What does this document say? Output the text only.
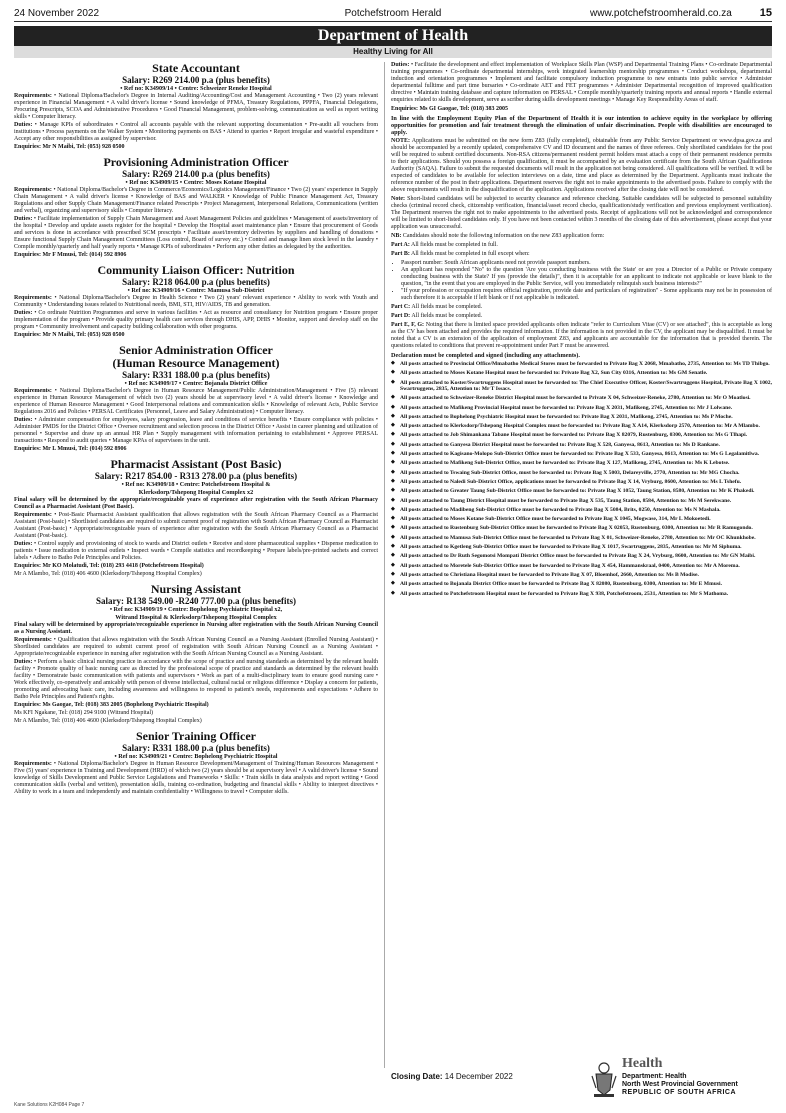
24 November 2022	Potchefstroom Herald	www.potchefstroomherald.co.za	15
Department of Health
Healthy Living for All
State Accountant
Salary: R269 214.00 p.a (plus benefits)
• Ref no: K34909/14 • Centre: Schweizer Reneke Hospital

Requirements: • National Diploma/Bachelor's Degree in Internal Auditing/Accounting/Cost and Management Accounting • Two (2) years relevant experience in Financial Management • A valid driver's license • Sound knowledge of PFMA, Treasury Regulations, PPPFA, Financial Delegations, Procuring Prescripts, SCOA and Administrative Procedures • Good Financial Management, problem-solving, communication as well as report writing skills • Computer literacy.

Duties: • Manage KPIs of subordinates • Control all accounts payable with the relevant supporting documentation • Pre-audit all vouchers from institutions • Process payments on the Walker System • Monitoring payments on BAS • Attend to queries • Report irregular and wasteful expenditure • Accept any other responsibilities as assigned by supervisor.

Enquiries: Mr N Maibi, Tel: (053) 928 0500

Provisioning Administration Officer
Salary: R269 214.00 p.a (plus benefits)
• Ref no: K34909/15 • Centre: Moses Kotane Hospital

Requirements: • National Diploma/Bachelor's Degree in Commerce/Economics/Logistics Management/Finance • Two (2) years' experience in Supply Chain Management • A valid driver's license • Knowledge of BAS and WALKER • Knowledge of Public Finance Management Act, Treasury Regulations and other Supply Chain Management/Finance related Prescripts • Project Management, Interpersonal Relations, Communications (written and verbal), organizing and supervisory skills • Computer literacy.

Duties: • Facilitate implementation of Supply Chain Management and Asset Management Policies and guidelines • Management of assets/inventory of the hospital • Develop and update assets register for the hospital • Develop the Hospital asset maintenance plan • Ensure that procurement of Goods and services is done in accordance with prescribed SCM prescripts • Facilitate asset/inventory deliveries by suppliers and handling of donations • Ensure functional Supply Chain Management Committees (Loss control, Board of survey etc.) • Control and manage linen stock level in the laundry • Compile monthly/quarterly and half yearly reports • Manage KPIs of subordinates • Perform any other duties as delegated by the authorities.

Enquiries: Mr F Mmusi, Tel: (014) 592 8906

Community Liaison Officer: Nutrition
Salary: R218 064.00 p.a (plus benefits)
• Ref no: K34909/16 • Centre: Mamusa Sub-District

Requirements: • National Diploma/Bachelor's Degree in Health Science • Two (2) years' relevant experience • Ability to work with Youth and Community • Understanding issues related to Nutritional needs, BMI, STI, HIV/AIDS, TB and generation.

Duties: • Co ordinate Nutrition Programmes and serve in various facilities • Act as resource and consultancy for Nutrition program • Ensure proper implementation of the program • Provide quality primary health care services through DHIS, APP, DHIS • Monitor, support and develop staff on the program • Community involvement and capacity building collaboration with other programs.

Enquiries: Mr N Maibi, Tel: (053) 928 0500

Senior Administration Officer
(Human Resource Management)
Salary: R331 188.00 p.a (plus benefits)
• Ref no: K34909/17 • Centre: Bojanala District Office

Requirements: • National Diploma/Bachelor's Degree in Human Resource Management/Public Administration/Management • Five (5) relevant experience in Human Resource Management of which two (2) years should be at supervisory level • A valid driver's license • Knowledge and experience of Human Resource Management • Good Interpersonal relations and communication skills • Knowledge of relevant Acts, Public Service Regulations 2016 and Policies • PERSAL Certificates (Personnel, Leave and Salary Administration) • Computer literacy.

Duties: • Administer compensation for employees, salary progression, leave and conditions of service benefits • Ensure compliance with policies • Administer PMDS for the District Office • Oversee recruitment and selection process in the District Office • Assist in career planning and utilization of personnel • Supervise and draw up an annual HR Plan • Supply management with information pertaining to establishment • Approve PERSAL transactions • Respond to audit queries • Manage KPAs of supervisees in the unit.

Enquiries: Mr L Mmusi, Tel: (014) 592 8906

Pharmacist Assistant (Post Basic)
Salary: R217 854.00 - R313 278.00 p.a (plus benefits)
• Ref no: K34909/18 • Centre: Potchefstroom Hospital &
Klerksdorp/Tshepong Hospital Complex x2

Final salary will be determined by the appropriate/recognizable years of experience after registration with the South African Pharmacy Council as a Pharmacist Assistant (Post Basic).

Requirements: • Post-Basic Pharmacist Assistant qualification that allows registration with the South African Pharmacy Council as a Pharmacist Assistant (Post-basic) • Shortlisted candidates are required to submit current proof of registration with South African Pharmacy Council as Pharmacist Assistant (Post-basic) • Appropriate/recognizable years of experience after registration with the South African Pharmacy Council as a Pharmacist Assistant (Post-basic).

Duties: • Control supply and provisioning of stock to wards and District outlets • Receive and store pharmaceutical supplies • Dispense medication to patients • Issue medication to external outlets • Inspect wards • Compile statistics and recordkeeping • Prepare labels/pre-printed sachets and correct labels • Adhere to Batho Pele Principles and Policies.

Enquiries: Mr KO Molatudi, Tel: (018) 293 4418 (Potchefstroom Hospital)

Mr A Mlambo, Tel: (018) 406 4600 (Klerksdorp/Tshepong Hospital Complex)

Nursing Assistant
Salary: R138 549.00 -R240 777.00 p.a (plus benefits)
• Ref no: K34909/19 • Centre: Bophelong Psychiatric Hospital x2,
Witrand Hospital & Klerksdorp/Tshepong Hospital Complex

Final salary will be determined by appropriate/recognizable experience in Nursing after registration with the South African Nursing Council as a Nursing Assistant.

Requirements: • Qualification that allows registration with the South African Nursing Council as a Nursing Assistant (Enrolled Nursing Assistant) • Shortlisted candidates are required to submit current proof of registration with South African Nursing Council as a Nursing Assistant • Appropriate/recognizable experience in nursing after registration with the South African Nursing Council as a Nursing Assistant.

Duties: • Perform a basic clinical nursing practice in accordance with the scope of practice and nursing standards as determined by the relevant health facility • Promote quality of basic nursing care as directed by the professional scope of practice and standards as determined by the relevant health facility • Demonstrate basic communication with patients and supervisors • Work as part of a multi-disciplinary team to ensure good nursing care • Work effectively, co-operatively and amicably with person of diverse intellectual, cultural racial or religious difference • Display a concern for patients, promoting and advocating basic care, including awareness and willingness to respond to patient's needs, requirements and expectations • Adhere to Batho Pele Principles and Patient's rights.

Enquiries: Ms Gaogae, Tel: (018) 383 2005 (Bophelong Psychiatric Hospital)

Ms KFI Ngakane, Tel: (018) 294 9100 (Witrand Hospital)

Mr A Mlambo, Tel: (018) 406 4600 (Klerksdorp/Tshepong Hospital Complex)

Senior Training Officer
Salary: R331 188.00 p.a (plus benefits)
• Ref no: K34909/21 • Centre: Bophelong Psychiatric Hospital

Requirements: • National Diploma/Bachelor's Degree in Human Resource Development/Management of Training/Human Resources Management • Five (5) years' experience in Training and Development (HRD) of which two (2) years should be at supervisory level • A valid driver's license • Sound knowledge of Skills Development and Public Service Legislations and Frameworks • Skills: • Train skills in data analysis and report writing • Good communication skills (verbal and written), presentation skills, training co-ordination, budgeting and financial skills • Ability to interpret directives • Ability to work in a team and independently and maintain confidentiality • Willingness to travel • Computer skills.

Duties: • Facilitate the development and effect implementation of Workplace Skills Plan (WSP) and Departmental Training Plans • Co-ordinate Departmental training programmes • Co-ordinate departmental internships, work integrated learnership mentorship programmes • Conduct workshops, departmental induction and orientation programmes • Implement and facilitate compulsory induction programme to new entrants into public service • Administer departmental fulltime and part time bursaries • Co-ordinate AET and FET programmes • Administer Departmental recognition of improved qualification directive • Maintain training database and capture information on PERSAL • Compile monthly/quarterly training reports and annual reports • Handle external enquiries related to skills development, serve as scriber during skills development meetings • Manage Key Responsibility Areas of staff.

Enquiries: Ms GI Gaogae, Tel: (018) 383 2005

In line with the Employment Equity Plan of the Department of Health it is our intention to achieve equity in the workplace by offering opportunities for promotion and fair treatment through the elimination of unfair discrimination. People with disabilities are encouraged to apply.

NOTE: Applications must be submitted on the new form Z83 (fully completed), obtainable from any Public Service Department or www.dpsa.gov.za and should be accompanied by a recently updated, comprehensive CV and ID document and the names of three referees. Only shortlisted candidates for the post will be required to submit certified documents. Non-RSA citizens/permanent resident permit holders must attach a copy of their permanent residence permits to their applications. Should you possess a foreign qualification, it must be accompanied by an evaluation certificate from the South African Qualifications Authority (SAQA). Failure to submit the requested documents will result in the application not being considered. All qualifications will be verified. It will be expected of candidates to be available for selection interviews on a date, time and place as determined by the Department. Applicants must indicate the reference number of the post in their applications. Department reserves the right not to make appointments to the advertised posts. Failure to comply with the above requirements will result in the disqualification of the application. Applications received after the closing date will not be considered.

Note: Short-listed candidates will be subjected to security clearance and reference checking. Suitable candidates will be subjected to personnel suitability checks (criminal record check, citizenship verification, financial/asset record checks, qualification/study verification and previous employment verification). The Department reserves the right not to make appointments to the advertised posts. Receipt of applications will not be acknowledged and correspondence will be limited to short-listed candidates only. If you have not been contacted within 3 months of the closing date of this advertisement, please accept that your application was unsuccessful.

NB: Candidates should note the following information on the new Z83 application form:

Part A: All fields must be completed in full.

Part B: All fields must be completed in full except when:

• Passport number: South African applicants need not provide passport numbers.
• An applicant has responded "No" to the question 'Are you conducting business with the State' or are you a Director of a Public or Private company conducting business with the State? If yes (provide the details)", then it is acceptable for an applicant to indicate not applicable or leave blank to the question, "in the event that you are employed in the Public Service, will you immediately relinquish such business interests?"
• "If your profession or occupation requires official registration, provide date and particulars of registration" - Some applicants may not be in possession of such therefore it is acceptable if left blank or if not applicable is indicated.

Part C: All fields must be completed.

Part D: All fields must be completed.

Part E, F, G: Noting that there is limited space provided applicants often indicate "refer to Curriculum Vitae (CV) or see attached", this is acceptable as long as the CV has been attached and provides the required information. If the information is not provided in the CV, the applicant may be disqualified. It must be noted that a CV is an extension of the application of employment Z83, and applicants are accountable for the information that is provided therein. The questions related to conditions that prevent re-appointment under Part F must be answered.

Declaration must be completed and signed (including any attachments).

◆ All posts attached to Provincial Office/Mmabatho Medical Stores must be forwarded to Private Bag X 2068, Mmabatho, 2735, Attention to: Ms TD Thibgo.
◆ All posts attached to Moses Kotane Hospital must be forwarded to: Private Bag X2, Sun City 0316, Attention to: Ms GM Senatle.
◆ All posts attached to Koster/Swartruggens Hospital must be forwarded to: The Chief Executive Officer, Koster/Swartruggens Hospital, Private Bag X 1002, Swartruggens, 2835, Attention to: Mr T Issacs.
◆ All posts attached to Schweizer-Reneke District Hospital must be forwarded to Private X 04, Schweizer-Reneke, 2780, Attention to: Mr O Moatlosi.
◆ All posts attached to Mafikeng Provincial Hospital must be forwarded to: Private Bag X 2031, Mafikeng, 2745, Attention to: Mr J Lolwane.
◆ All posts attached to Bophelong Psychiatric Hospital must be forwarded to: Private Bag X 2031, Mafikeng, 2745, Attention to: Ms P Moche.
◆ All posts attached to Klerksdorp/Tshepong Hospital Complex must be forwarded to: Private Bag X A14, Klerksdorp 2570, Attention to: Mr A Mlambo.
◆ All posts attached to Job Shimankana Tabane Hospital must be forwarded to: Private Bag X 82079, Rustenburg, 0300, Attention to: Ms G Tlhapi.
◆ All posts attached to Ganyesa District Hospital must be forwarded to: Private Bag X 528, Ganyesa, 8613, Attention to: Ms D Rankane.
◆ All posts attached to Kagisano-Molopo Sub-District Office must be forwarded to: Private Bag X 533, Ganyesa, 8613, Attention to: Ms G Legalamitlwa.
◆ All posts attached to Mafikeng Sub-District Office, must be forwarded to: Private Bag X 127, Mafikeng, 2745, Attention to: Ms K Lebotse.
◆ All posts attached to Tswaing Sub-District Office, must be forwarded to: Private Bag X 5003, Delareyville, 2770, Attention to: Mr MG Chocha.
◆ All posts attached to Naledi Sub-District Office, applications must be forwarded to Private Bag X 14, Vryburg, 8600, Attention to: Ms L Tshefu.
◆ All posts attached to Greater Taung Sub-District Office must be forwarded to: Private Bag X 1052, Taung Station, 8580, Attention to: Mr K Phakedi.
◆ All posts attached to Taung District Hospital must be forwarded to Private Bag X 535, Taung Station, 8584, Attention to: Ms M Serekwane.
◆ All posts attached to Madibeng Sub-District Office must be forwarded to Private Bag X 5084, Brits, 0250, Attention to: Ms N Mashala.
◆ All posts attached to Moses Kotane Sub-District Office must be forwarded to Private Bag X 1045, Mogwase, 314, Mr L Mokoetedi.
◆ All posts attached to Rustenburg Sub-District Office must be forwarded to Private Bag X 02053, Rustenburg, 0300, Attention to: Mr R Ramugondo.
◆ All posts attached to Mamusa Sub-District Office must be forwarded to Private Bag X 01, Schweizer-Reneke, 2780, Attention to: Mr OC Khunkhobe.
◆ All posts attached to Kgetleng Sub-District Office must be forwarded to Private Bag X 1017, Swartruggens, 2835, Attention to: Mr M Siphuma.
◆ All posts attached to Dr Ruth Segomotsi Mompati District Office must be forwarded to Private Bag X 24, Vryburg, 8600, Attention to: Mr GN Maibi.
◆ All posts attached to Moretele Sub-District Office must be forwarded to Private Bag X 454, Hammanskraal, 0400, Attention to: Mr A Morema.
◆ All posts attached to Christiana Hospital must be forwarded to Private Bag X 07, Bloemhof, 2660, Attention to: Ms B Modise.
◆ All posts attached to Bojanala District Office must be forwarded to Private Bag X 82080, Rustenburg, 0300, Attention to: Mr E Mmusi.
◆ All posts attached to Potchefstroom Hospital must be forwarded to Private Bag X 938, Potchefstroom, 2531, Attention to: Mr S Mathoma.
Closing Date: 14 December 2022
Health
Department: Health
North West Provincial Government
REPUBLIC OF SOUTH AFRICA
Kane Solutions K2H084 Page 7
